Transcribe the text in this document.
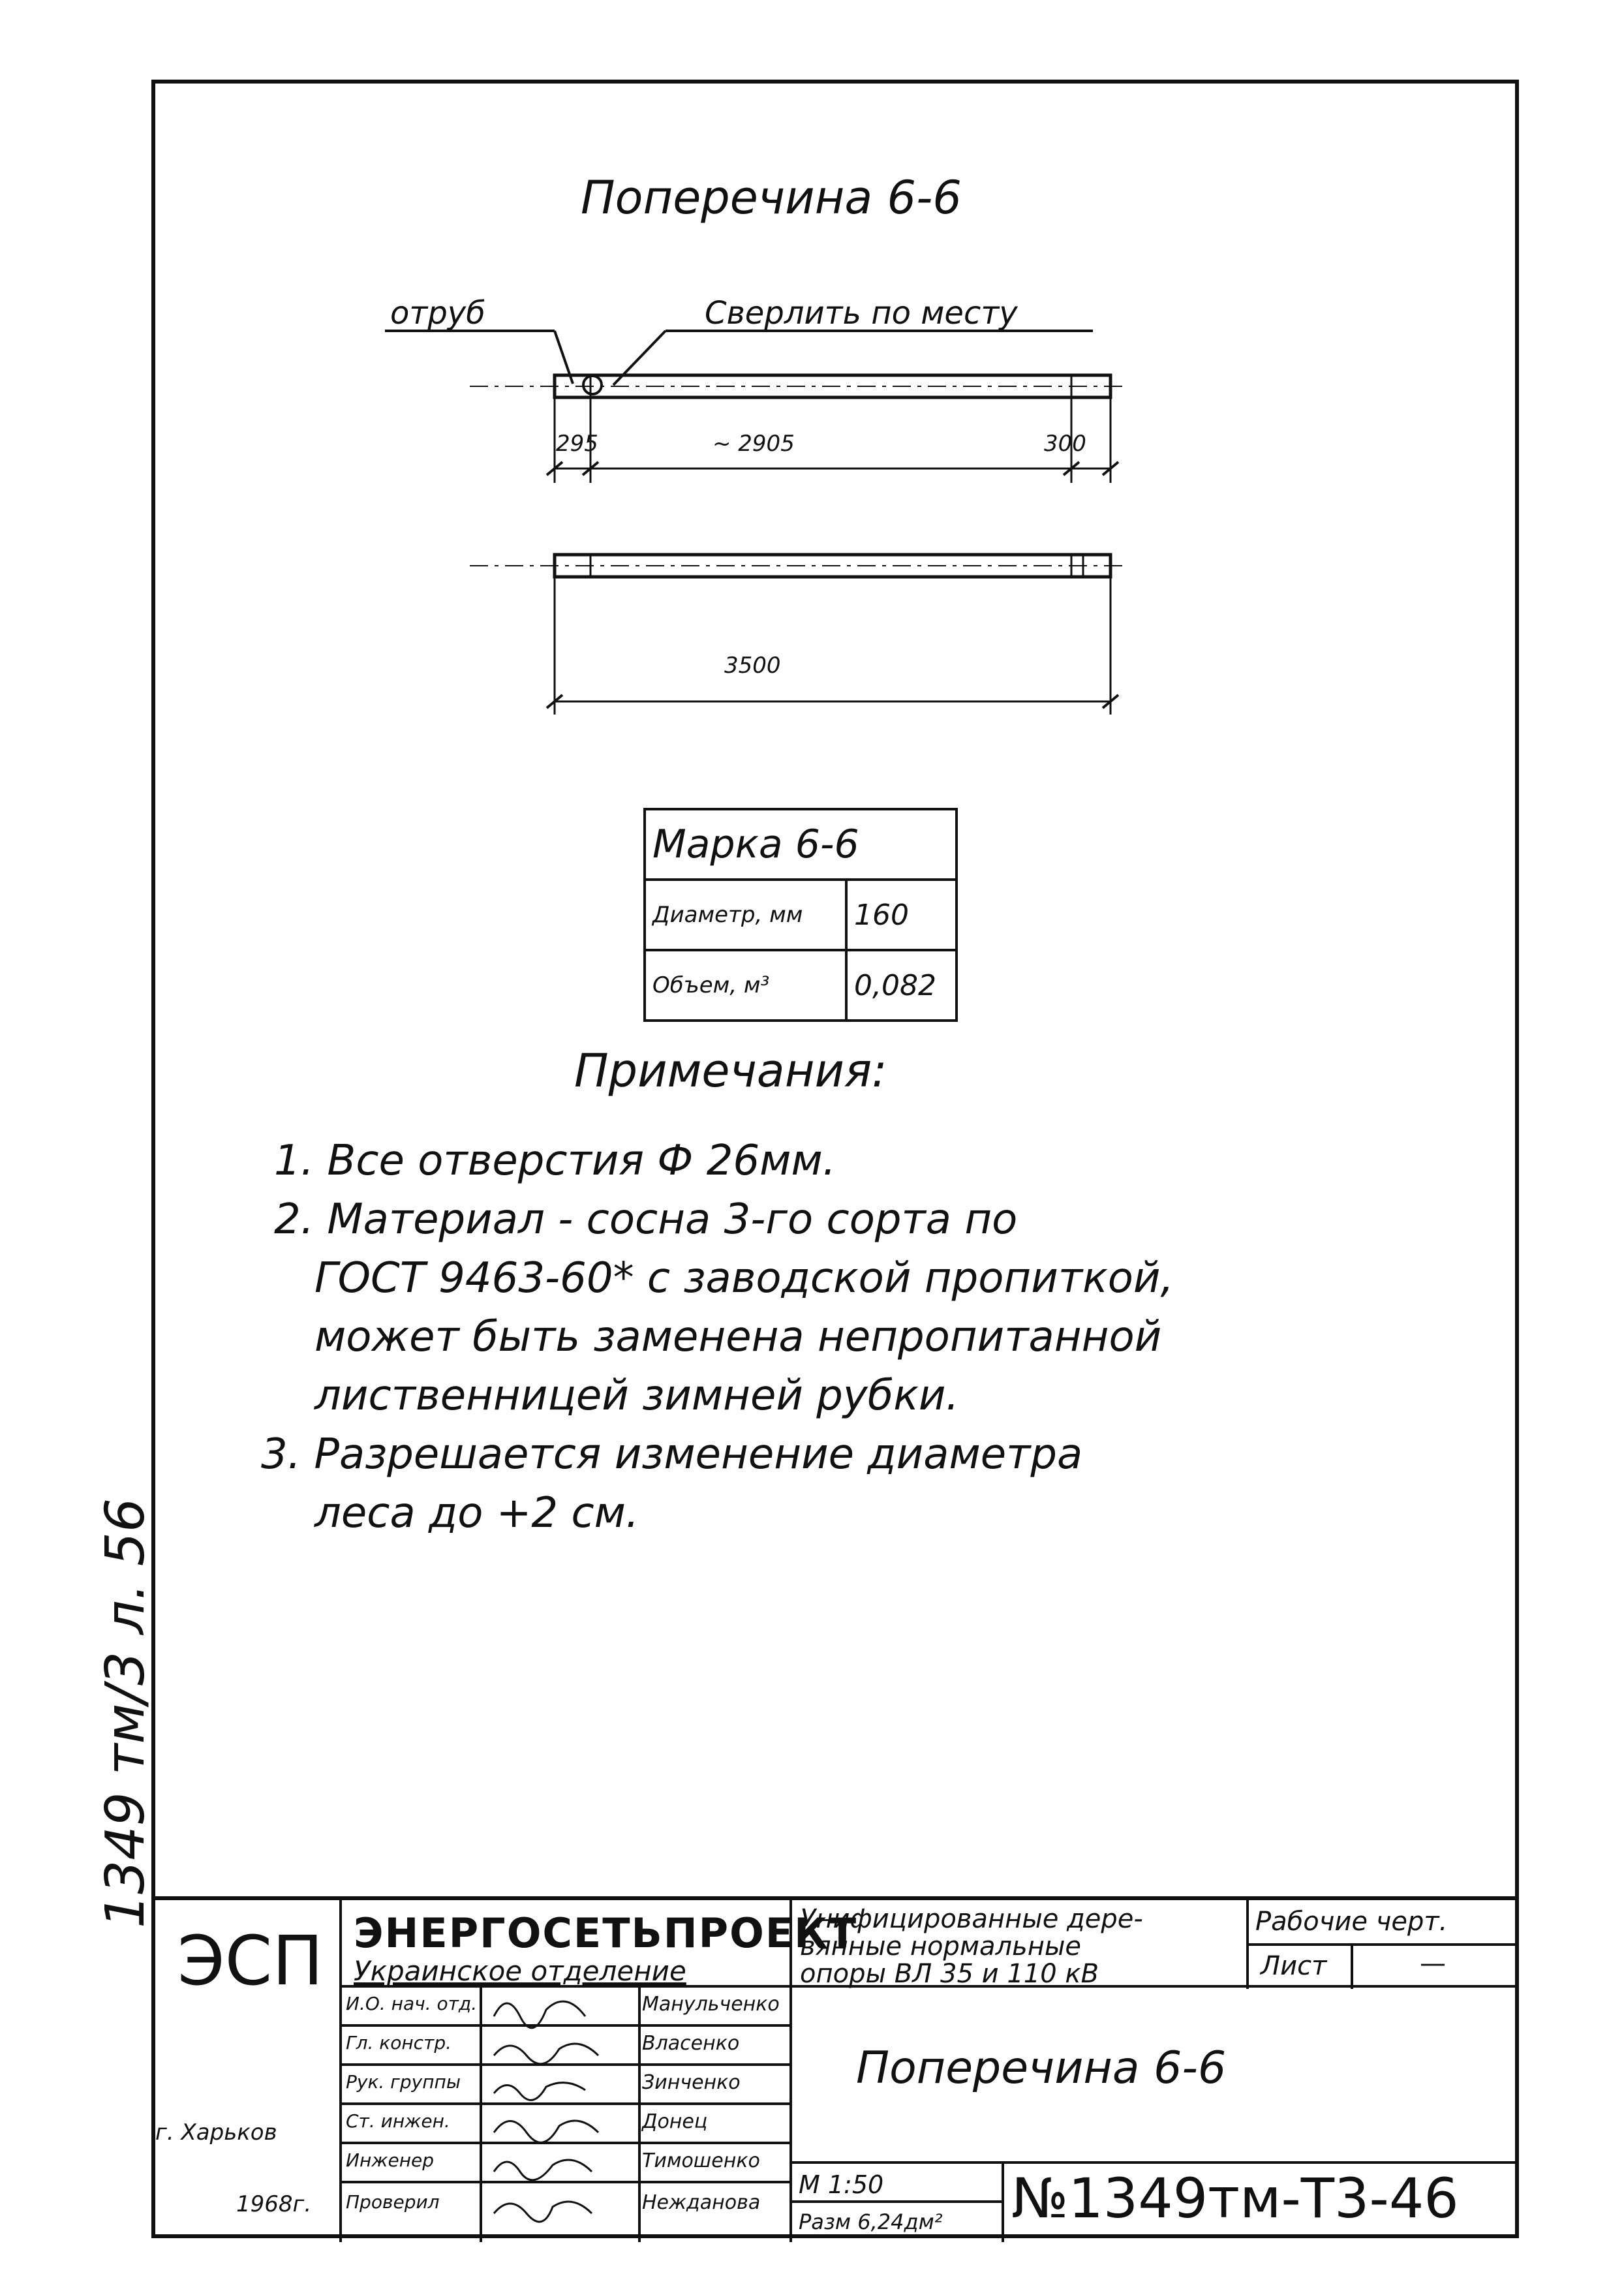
1349 тм/3 л. 56
Поперечина 6-6
отруб	Сверлить по месту
295	~ 2905	300
3500
Марка 6-6	
Диаметр, мм	160
Объем, м³	0,082
Примечания:
1. Все отверстия Ф 26мм.
2. Материал - сосна 3-го сорта по
ГОСТ 9463-60* с заводской пропиткой,
может быть заменена непропитанной
лиственницей зимней рубки.
3. Разрешается изменение диаметра
леса до +2 см.
ЭСП ЭНЕРГОСЕТЬПРОЕКТ
Украинское отделение
Унифицированные дере-
вянные нормальные
опоры ВЛ 35 и 110 кВ
Рабочие черт.
Лист	—
Поперечина 6-6
И.О. нач. отд.	Манульченко
Гл. констр.	Власенко
Рук. группы	Зинченко
Ст. инжен.	Донец
Инженер	Тимошенко
Проверил	Нежданова
г. Харьков
1968г.
М 1:50
Разм 6,24дм² №1349тм-Т3-46
